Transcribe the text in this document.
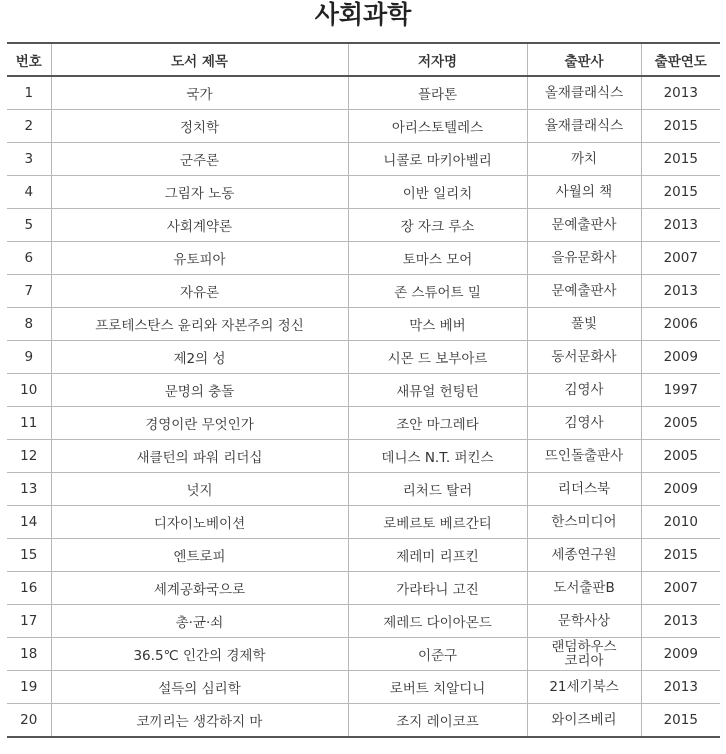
사회과학
번호	도서 제목	저자명	출판사	출판연도
1	국가	플라톤	올재클래식스	2013
2	정치학	아리스토텔레스	율재클래식스	2015
3	군주론	니콜로 마키아벨리	까치	2015
4	그림자 노동	이반 일리치	사월의 책	2015
5	사회계약론	장 자크 루소	문예출판사	2013
6	유토피아	토마스 모어	을유문화사	2007
7	자유론	존 스튜어트 밀	문예출판사	2013
8	프로테스탄스 윤리와 자본주의 정신	막스 베버	풀빛	2006
9	제2의 성	시몬 드 보부아르	동서문화사	2009
10	문명의 충돌	새뮤얼 헌팅턴	김영사	1997
11	경영이란 무엇인가	조안 마그레타	김영사	2005
12	새클턴의 파워 리더십	데니스 N.T. 퍼킨스	뜨인돌출판사	2005
13	넛지	리처드 탈러	리더스북	2009
14	디자이노베이션	로베르토 베르간티	한스미디어	2010
15	엔트로피	제레미 리프킨	세종연구원	2015
16	세계공화국으로	가라타니 고진	도서출판B	2007
17	총·균·쇠	제레드 다이아몬드	문학사상	2013
18	36.5℃ 인간의 경제학	이준구	랜덤하우스 코리아	2009
19	설득의 심리학	로버트 치알디니	21세기북스	2013
20	코끼리는 생각하지 마	조지 레이코프	와이즈베리	2015
